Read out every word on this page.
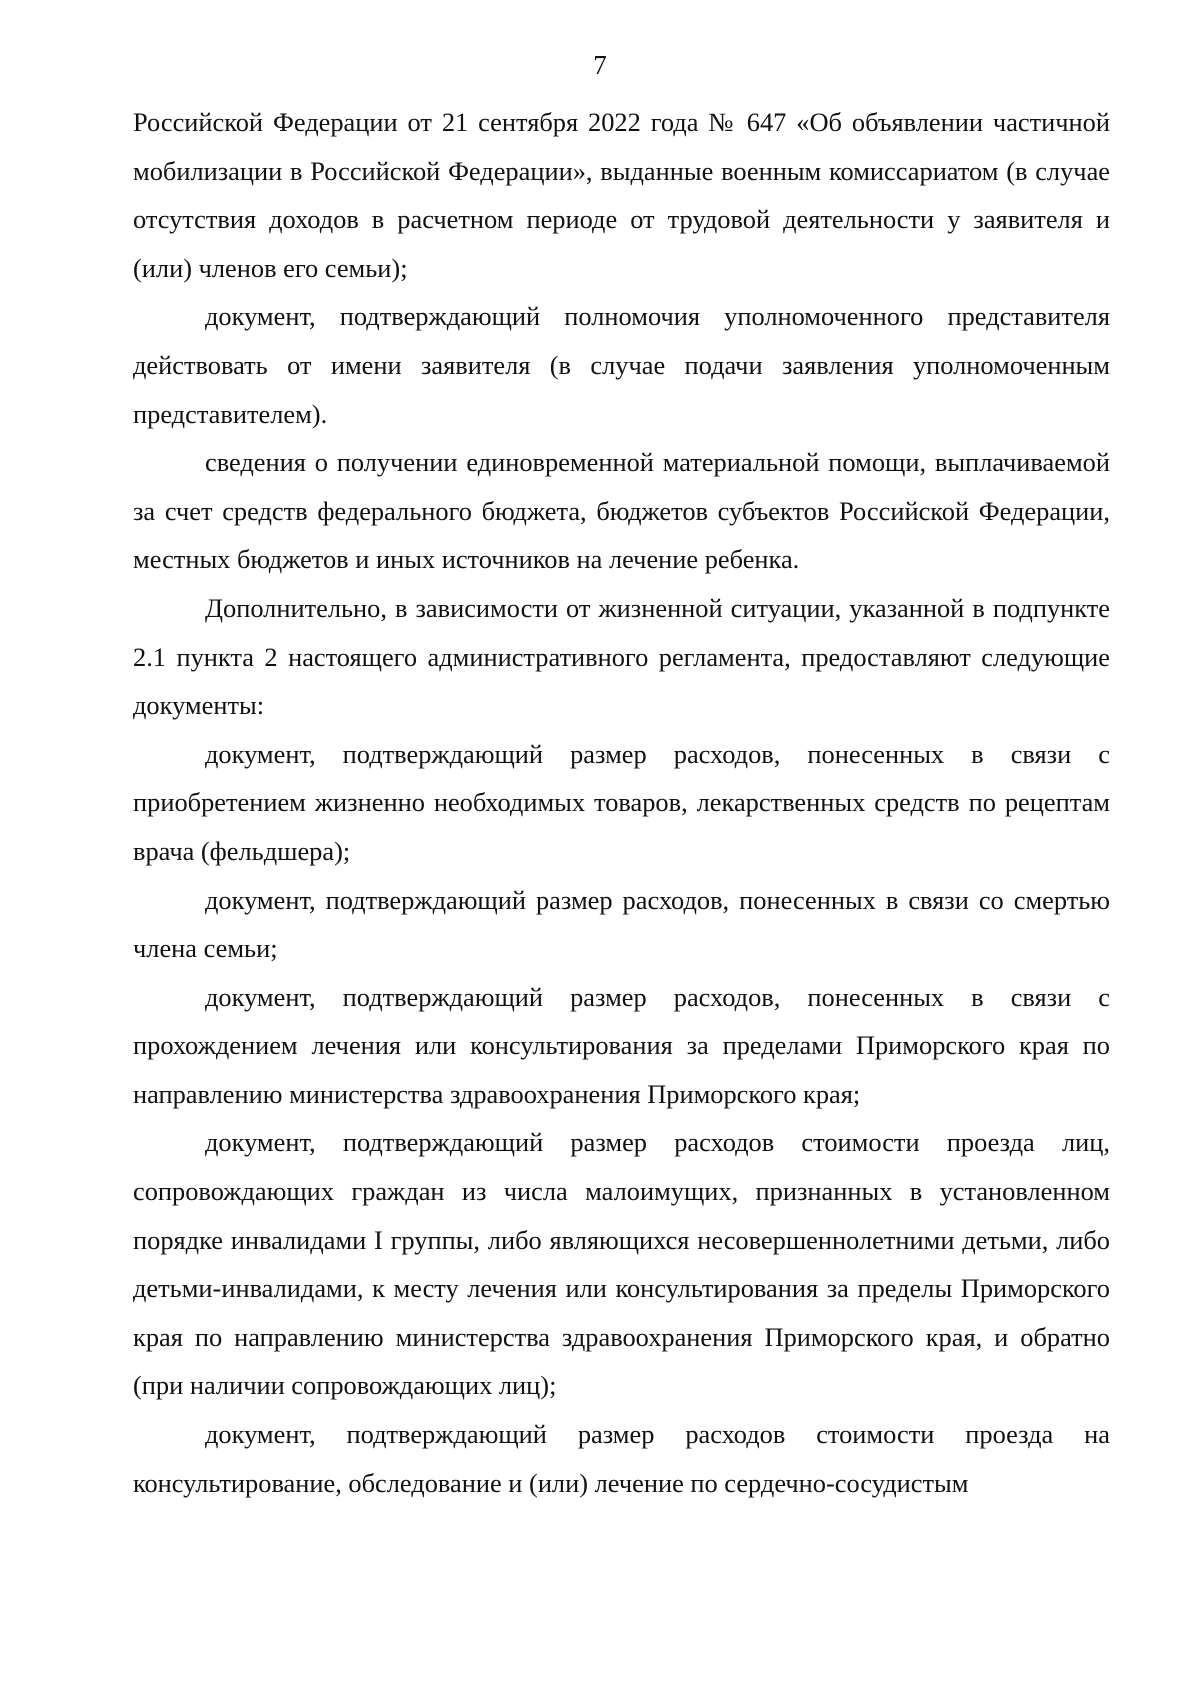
7

Российской Федерации от 21 сентября 2022 года № 647 «Об объявлении частичной мобилизации в Российской Федерации», выданные военным комиссариатом (в случае отсутствия доходов в расчетном периоде от трудовой деятельности у заявителя и (или) членов его семьи);

документ, подтверждающий полномочия уполномоченного представителя действовать от имени заявителя (в случае подачи заявления уполномоченным представителем).

сведения о получении единовременной материальной помощи, выплачиваемой за счет средств федерального бюджета, бюджетов субъектов Российской Федерации, местных бюджетов и иных источников на лечение ребенка.

Дополнительно, в зависимости от жизненной ситуации, указанной в подпункте 2.1 пункта 2 настоящего административного регламента, предоставляют следующие документы:

документ, подтверждающий размер расходов, понесенных в связи с приобретением жизненно необходимых товаров, лекарственных средств по рецептам врача (фельдшера);

документ, подтверждающий размер расходов, понесенных в связи со смертью члена семьи;

документ, подтверждающий размер расходов, понесенных в связи с прохождением лечения или консультирования за пределами Приморского края по направлению министерства здравоохранения Приморского края;

документ, подтверждающий размер расходов стоимости проезда лиц, сопровождающих граждан из числа малоимущих, признанных в установленном порядке инвалидами I группы, либо являющихся несовершеннолетними детьми, либо детьми-инвалидами, к месту лечения или консультирования за пределы Приморского края по направлению министерства здравоохранения Приморского края, и обратно (при наличии сопровождающих лиц);

документ, подтверждающий размер расходов стоимости проезда на консультирование, обследование и (или) лечение по сердечно-сосудистым
